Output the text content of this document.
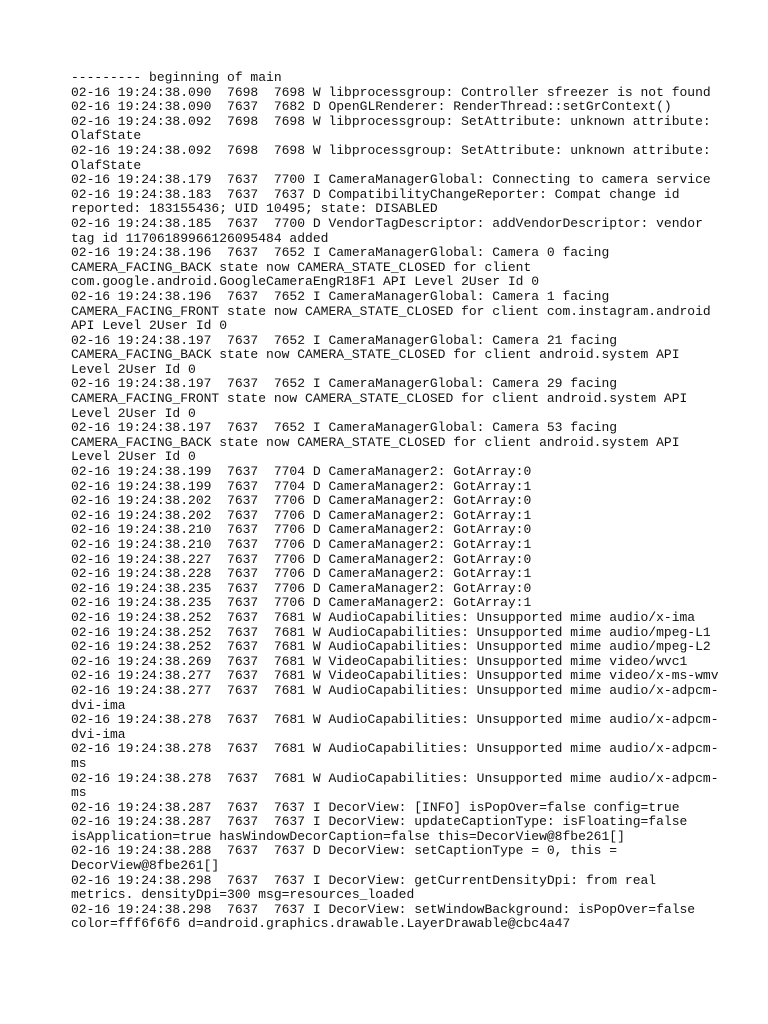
--------- beginning of main
02-16 19:24:38.090  7698  7698 W libprocessgroup: Controller sfreezer is not found
02-16 19:24:38.090  7637  7682 D OpenGLRenderer: RenderThread::setGrContext()
02-16 19:24:38.092  7698  7698 W libprocessgroup: SetAttribute: unknown attribute:
OlafState
02-16 19:24:38.092  7698  7698 W libprocessgroup: SetAttribute: unknown attribute:
OlafState
02-16 19:24:38.179  7637  7700 I CameraManagerGlobal: Connecting to camera service
02-16 19:24:38.183  7637  7637 D CompatibilityChangeReporter: Compat change id
reported: 183155436; UID 10495; state: DISABLED
02-16 19:24:38.185  7637  7700 D VendorTagDescriptor: addVendorDescriptor: vendor
tag id 11706189966126095484 added
02-16 19:24:38.196  7637  7652 I CameraManagerGlobal: Camera 0 facing
CAMERA_FACING_BACK state now CAMERA_STATE_CLOSED for client
com.google.android.GoogleCameraEngR18F1 API Level 2User Id 0
02-16 19:24:38.196  7637  7652 I CameraManagerGlobal: Camera 1 facing
CAMERA_FACING_FRONT state now CAMERA_STATE_CLOSED for client com.instagram.android
API Level 2User Id 0
02-16 19:24:38.197  7637  7652 I CameraManagerGlobal: Camera 21 facing
CAMERA_FACING_BACK state now CAMERA_STATE_CLOSED for client android.system API
Level 2User Id 0
02-16 19:24:38.197  7637  7652 I CameraManagerGlobal: Camera 29 facing
CAMERA_FACING_FRONT state now CAMERA_STATE_CLOSED for client android.system API
Level 2User Id 0
02-16 19:24:38.197  7637  7652 I CameraManagerGlobal: Camera 53 facing
CAMERA_FACING_BACK state now CAMERA_STATE_CLOSED for client android.system API
Level 2User Id 0
02-16 19:24:38.199  7637  7704 D CameraManager2: GotArray:0
02-16 19:24:38.199  7637  7704 D CameraManager2: GotArray:1
02-16 19:24:38.202  7637  7706 D CameraManager2: GotArray:0
02-16 19:24:38.202  7637  7706 D CameraManager2: GotArray:1
02-16 19:24:38.210  7637  7706 D CameraManager2: GotArray:0
02-16 19:24:38.210  7637  7706 D CameraManager2: GotArray:1
02-16 19:24:38.227  7637  7706 D CameraManager2: GotArray:0
02-16 19:24:38.228  7637  7706 D CameraManager2: GotArray:1
02-16 19:24:38.235  7637  7706 D CameraManager2: GotArray:0
02-16 19:24:38.235  7637  7706 D CameraManager2: GotArray:1
02-16 19:24:38.252  7637  7681 W AudioCapabilities: Unsupported mime audio/x-ima
02-16 19:24:38.252  7637  7681 W AudioCapabilities: Unsupported mime audio/mpeg-L1
02-16 19:24:38.252  7637  7681 W AudioCapabilities: Unsupported mime audio/mpeg-L2
02-16 19:24:38.269  7637  7681 W VideoCapabilities: Unsupported mime video/wvc1
02-16 19:24:38.277  7637  7681 W VideoCapabilities: Unsupported mime video/x-ms-wmv
02-16 19:24:38.277  7637  7681 W AudioCapabilities: Unsupported mime audio/x-adpcm-
dvi-ima
02-16 19:24:38.278  7637  7681 W AudioCapabilities: Unsupported mime audio/x-adpcm-
dvi-ima
02-16 19:24:38.278  7637  7681 W AudioCapabilities: Unsupported mime audio/x-adpcm-
ms
02-16 19:24:38.278  7637  7681 W AudioCapabilities: Unsupported mime audio/x-adpcm-
ms
02-16 19:24:38.287  7637  7637 I DecorView: [INFO] isPopOver=false config=true
02-16 19:24:38.287  7637  7637 I DecorView: updateCaptionType: isFloating=false
isApplication=true hasWindowDecorCaption=false this=DecorView@8fbe261[]
02-16 19:24:38.288  7637  7637 D DecorView: setCaptionType = 0, this =
DecorView@8fbe261[]
02-16 19:24:38.298  7637  7637 I DecorView: getCurrentDensityDpi: from real
metrics. densityDpi=300 msg=resources_loaded
02-16 19:24:38.298  7637  7637 I DecorView: setWindowBackground: isPopOver=false
color=fff6f6f6 d=android.graphics.drawable.LayerDrawable@cbc4a47
